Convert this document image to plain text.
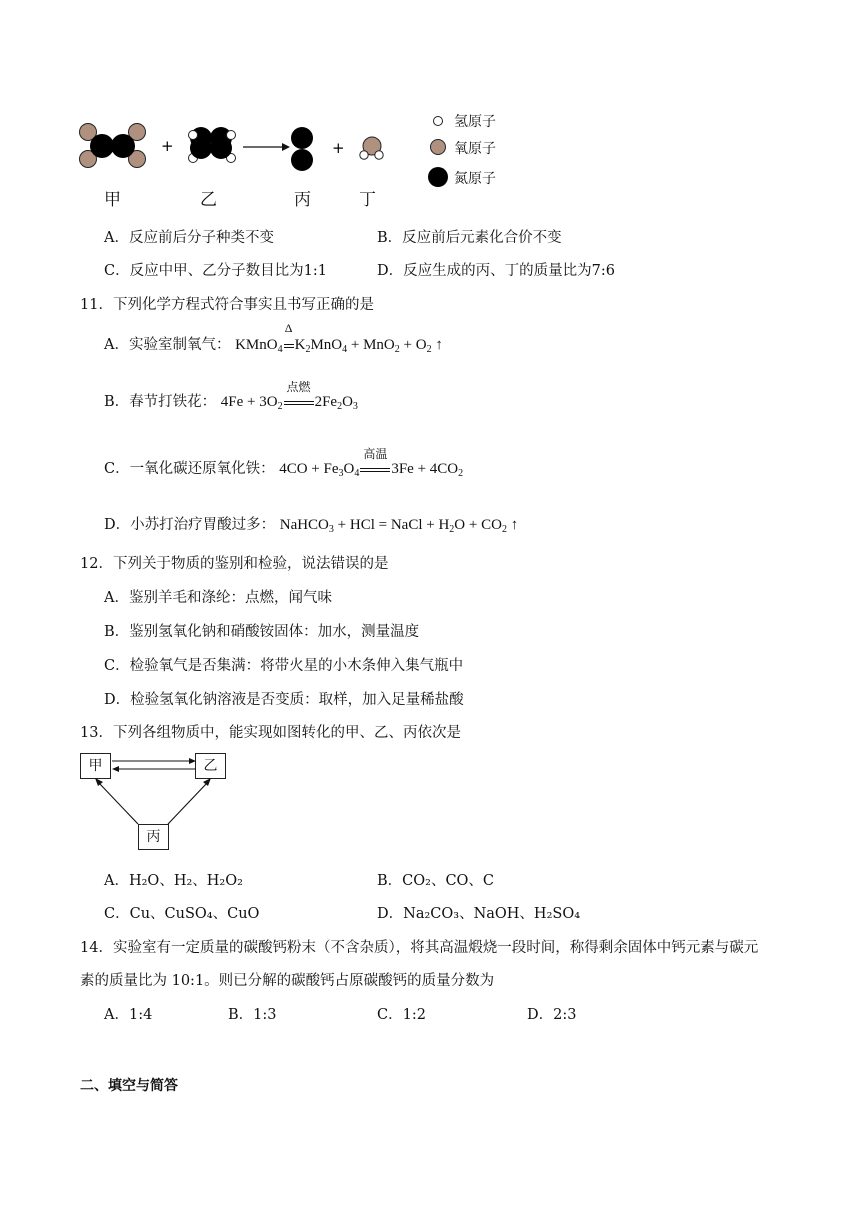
+	+
氢原子
氧原子
氮原子
甲	乙	丙	丁
A．反应前后分子种类不变	B．反应前后元素化合价不变
C．反应中甲、乙分子数目比为1:1	D．反应生成的丙、丁的质量比为7:6
11．下列化学方程式符合事实且书写正确的是
A．实验室制氧气： KMnO$_4$
Δ
$K_2MnO_4 + MnO_2 + O_2$ ↑
B．春节打铁花： $4Fe + 3O_2$
点燃
$2Fe_2O_3$
C．一氧化碳还原氧化铁： $4CO + Fe_3O_4$
高温
$3Fe + 4CO_2$
D．小苏打治疗胃酸过多： NaHCO$_3$ + HCl = NaCl + $H_2O + CO_2$ ↑
12．下列关于物质的鉴别和检验，说法错误的是
A．鉴别羊毛和涤纶：点燃，闻气味
B．鉴别氢氧化钠和硝酸铵固体：加水，测量温度
C．检验氧气是否集满：将带火星的小木条伸入集气瓶中
D．检验氢氧化钠溶液是否变质：取样，加入足量稀盐酸
13．下列各组物质中，能实现如图转化的甲、乙、丙依次是
甲	乙
丙
A．H₂O、H₂、H₂O₂	B．CO₂、CO、C
C．Cu、CuSO₄、CuO	D．Na₂CO₃、NaOH、H₂SO₄
14．实验室有一定质量的碳酸钙粉末（不含杂质），将其高温煅烧一段时间，称得剩余固体中钙元素与碳元
素的质量比为 10:1。则已分解的碳酸钙占原碳酸钙的质量分数为
A．1:4	B．1:3	C．1:2	D．2:3
二、填空与简答
